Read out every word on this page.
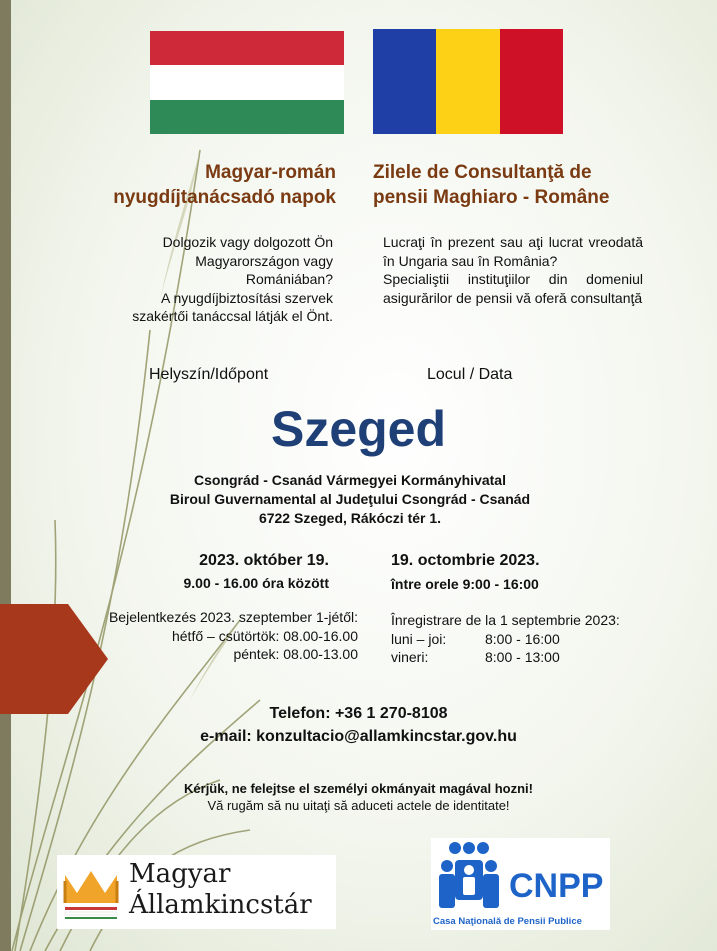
Magyar-román
nyugdíjtanácsadó napok
Zilele de Consultanţă de
pensii Maghiaro - Române
Dolgozik vagy dolgozott Ön
Magyarországon vagy
Romániában?
A nyugdíjbiztosítási szervek
szakértői tanáccsal látják el Önt.
Lucraţi în prezent sau aţi lucrat vreodată în Ungaria sau în România?
Specialiştii instituţiilor din domeniul asigurărilor de pensii vă oferă consultanţă
Helyszín/Időpont	Locul / Data
Szeged
Csongrád - Csanád Vármegyei Kormányhivatal
Biroul Guvernamental al Judeţului Csongrád - Csanád
6722 Szeged, Rákóczi tér 1.
2023. október 19.
9.00 - 16.00 óra között
19. octombrie 2023.
între orele 9:00 - 16:00
Bejelentkezés 2023. szeptember 1-jétől:
hétfő – csütörtök: 08.00-16.00
péntek: 08.00-13.00
Înregistrare de la 1 septembrie 2023:
luni – joi:	8:00 - 16:00
vineri:	8:00 - 13:00
Telefon: +36 1 270-8108
e-mail: konzultacio@allamkincstar.gov.hu
Kérjük, ne felejtse el személyi okmányait magával hozni!
Vă rugăm să nu uitaţi să aduceti actele de identitate!
Magyar
Államkincstár	CNPP
Casa Naţională de Pensii Publice
